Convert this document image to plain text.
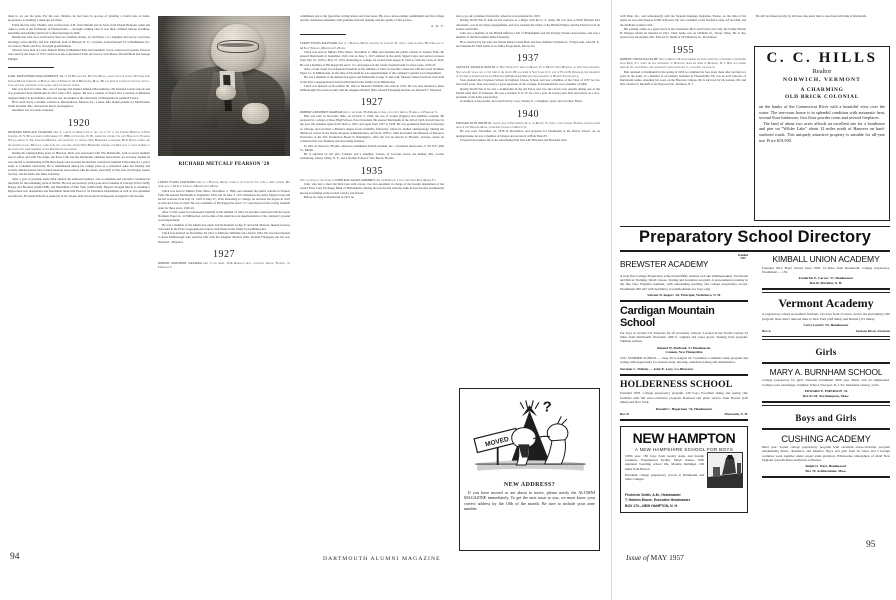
them to act out the parts. For his own children, he had been in process of grinding a 6-inch lens at home, preparatory to building a telescope for them.

Frank met his wife, Thelma, who received her A.B. from Oberlin and an M.A. from Mount Holyoke, when she came to work at the University of Pennsylvania — through a hiking club. It was their common interest in hiking, sketching and painting which led to their marriage in 1940.

Besides his wife, he is survived by their two children, Karen, 12, and Peter, 11; a daughter and son by a previous marriage, Grace Moffat, and Eric Ekstrom, both of Holland, N. Y.; a brother, Louis Ekstrom '12 of Bethlehem, Pa.; two sisters, Helen and Eva; and eight grandchildren.

Services were held at Lewis Funeral Home in Highland Park and interment was in Glenwood Gardens. Flowers were sent by the Class of 1913, which was also represented at the services by Jack Mason, Harold Budd and George Ehinger.

EARL PAPPLEFORD MACANDREWS, 64, of 33 Hancock St., Boston, Mass., associated for nearly 30 years with Jordan Marsh Company of Boston, died on February 22 in Brookline, Mass. He had been in failing health for about a year, but had continued at his work, which he did not relish.

Mac was born in Calais, Me., son of George and Jennie (Jenkins) MacAndrews. He attended Calais schools and was graduated from Dartmouth in 1915 with a B.S. degree. He was a veteran of World War I, serving as Battalion Sergeant Major in the Infantry. After the war, he studied at the University of Montpelier in southern France.

He is survived by a brother, Charles A. MacAndrews, Monroe, Pa.; a sister, Mrs. Ralph (Adelle S.) MacDonald, South Portland, Me.; and several nieces and nephews.

Interment was in Calais Cemetery.

1920

RICHARD METCALF PEARSON died of cancer on March 24 at the age of 57 at the United Hospital in Port Chester, N. Y. He was born on December 17, 1899, in Concord, N. H., where his father, the late Harlan C. Pearson '93 was editor of The Concord Monitor and secretary to several New Hampshire governors. Both Dick's father and his mother, Laura Metcalf, came from old and well known New Hampshire families and Dick had a large number of relatives who were members of the Dartmouth fellowship.

During his undergraduate years in Hanover, Dick was associated with The Dartmouth, both as board member and as editor, and with The Aegis, the Press Club and the Dartmouth Christian Association. As an honor student he was elected to membership in Phi Beta Kappa and awarded the Richard Crawford Campbell Fellowship for a year's study at Columbia University. He is remembered during his college years as a somewhat quiet but friendly and socially minded person who formed pleasant associations with his mates, especially in The Arts, the Dragon Senior Society, and the Delta Tau Delta fraternity.

After a year of graduate study Dick entered the textbook business, and as salesman and executive continued in that field for the remaining years of his life. He was successively with Lyons and Carnahan of Chicago (1921-1928), Harper and Brothers (1928-1948), and Macmillan of New York (1948-1956). Harper's brought him in to establish a high-school text department and Macmillan made him Head of its Education Department as well as vice-president and director. He made himself an authority in his chosen field and received widespread recognition. He became

RICHARD METCALF PEARSON '20

LEROY EVANS MAYNARD died at a Bangor, Maine, hospital on January 31 after a brief illness. His home was at 44 East Terrace, Millinocket, Maine.

Chick was born in Millers Falls, Mass., November 2, 1896, and attended the public schools in Turners Falls. He entered Dartmouth in September 1916, but on June 3, 1917 enlisted in the Army Signal Corps and served overseas from July 10, 1918 to May 27, 1919. Returning to college, he received his degree in 1922 as with the Class of 1920. He was a member of Phi Kappa Psi and C S C and played on the varsity baseball team for three years, 1920-22.

After a brief career in professional baseball in the summer of 1922, he became connected with the Great Northern Paper Co. in Millinocket. At the time of his death he was superintendent of the company's ground wood department.

He was a member of the American Legion and Nollesemic Lodge, F. and A.M. Masonic funeral services were held in the First Congregational Church with burial in the family lot in Millinocket.

Chick was married on November 30, 1921 to Melvena Williams who died in 1952. He was later married to Rena McDonough who survives him with his daughter Barbara (Mrs. Donald Flanagan) and his son, Richard L. Maynard.

1927

ROBERT ADELBERT GRAHAM died at his home, 3516 Kumquat Ave., Coconut Grove, Florida, on February 5.

committees and at the typewriter writing letters and class notes. His was a never-ending commitment and his College and his classmates remember with gratitude both the quantity and the quality of that service.

A. R. F.

LEROY EVANS MAYNARD died at a Bangor, Maine, hospital on January 31 after a brief illness. His home was at 44 East Terrace, Millinocket, Maine.

Chick was born in Millers Falls, Mass., November 2, 1896, and attended the public schools in Turners Falls. He entered Dartmouth in September 1916, but on June 3, 1917 enlisted in the Army Signal Corps and served overseas from July 10, 1918 to May 27, 1919. Returning to college, he received his degree in 1922 as with the Class of 1920. He was a member of Phi Kappa Psi and C S C and played on the varsity baseball team for three years, 1920-22.

After a brief career in professional baseball in the summer of 1922, he became connected with the Great Northern Paper Co. in Millinocket. At the time of his death he was superintendent of the company's ground wood department.

He was a member of the American Legion and Nollesemic Lodge, F. and A.M. Masonic funeral services were held in the First Congregational Church with burial in the family lot in Millinocket.

Chick was married on November 30, 1921 to Melvena Williams who died in 1952. He was later married to Rena McDonough who survives him with his daughter Barbara (Mrs. Donald Flanagan) and his son, Richard L. Maynard.

1927

ROBERT ADELBERT GRAHAM died at his home, 3516 Kumquat Ave., Coconut Grove, Florida, on February 5.

Bob was born in Norwalk, Ohio, on October 5, 1905, the son of Louise (Eggers) and Adelbert Graham. He prepared for college at Shaw High School, East Cleveland. He entered Dartmouth in the fall of 1923, but left later in the year. He attended again from 1924 to 1925, and again from 1927 to 1928. He was graduated from the University of Chicago and received a Master's degree from Columbia University where he studied anthropology. During the thirties he served in the Works Progress Administration, and from 1938 to 1946 he headed the Division of Resource Protection of the War Production Board in Washington. After the war he moved to Phoenix, Arizona, where he conducted his own furniture and decorating business.

In 1951 he moved to Florida, where he established Patrick Graham, Inc., a furniture showroom, at 155 N.E. 40th St., Miami.

He is survived by his wife, Carmen, and a daughter, Larissa, of Coconut Grove; his mother, Mrs. Louise Armstrong, Cherry Valley, N. Y., and a brother, Edward, Vero Beach, Florida.

1935

The sad news of the death of JOHN MACADAM GRIMMEY, 43, on February 1 has come from Ryve Mawr, Pa.

John, who had a short but fatal bout with cancer, was vice-president in charge of the foreign department of the Girard Trust Corn Exchange Bank of Philadelphia. During the last decade with the bank he had become prominently known in banking circles in this country and abroad.

Before he came to Dartmouth in 1931 he

tion to go out to Indiana University, where he was graduated in 1933.

During World War II John served overseas as a Major with the U. S. Army. He was aide to Field Marshal Earl Alexander, was in six major engagements, and was awarded the Order of the British Empire and the French Croix de Guerre with Palm.

John was a member of the British Officers Club of Philadelphia and the Foreign Traders Association, and was a member of the Phi Gamma Delta Fraternity.

He is survived by his wife, the former Rebecca Ann Holt, and four children: Christina A., Evelyn Ann, John M. Jr., and Suzanne H. Their home is on Valley Forge Road, Devon, Pa.

1937

STANLEY ARNOLD ODLUM of New York City died on March 15 in Mount Sinai Hospital of infectious hepatitis. Stan was 41 years old at the time of his death. He was born in Salt Lake City, son of Floyd B. Odlum (later president of the Atlas Corporation) and Hortense (McQuarrie) Odlum (later president of Bonwit Teller, Inc.).

Stan attended the Claymore School in England, Choate School, and was a member of the Class of 1937 for two and a half years. Stan was always a loyal supporter of the College. At Dartmouth he was a member of DKE.

During World War II he was a bombardier in the Air Force and was shot down over Austria during one of the Ploesti raids after 25 missions. He was a German P. O. W. for over a year. In recent years Stan had served as a vice-president of the Atlas Corporation.

In addition to his parents, he is survived by a son, Stanley Jr., a daughter, Lynn, and a brother, Bruce.

1940

EDWARD OLIN SMITH JR. passed away in Providence, R. I., on March 15 after a long illness. Funeral services were held in the Newton, Mass., Cemetery Chapel on March 17.

He was born November 22, 1918 in Providence and prepared for Dartmouth at the Rivers School. As an undergraduate, he was a member of Dragon and secretary of Beta Theta Pi.

Ed spent his business life in the advertising field first with Howland and Howland, then

?
MOVED
NEW ADDRESS?

If you have moved or are about to move, please notify the ALUMNI MAGAZINE immediately. To get the next issue to you, we must know your correct address by the 10th of the month. Be sure to include your zone number.

94	DARTMOUTH ALUMNI MAGAZINE

with Time, Inc., and subsequently with the Spanish language magazine, Fusion. At the time of his death, he was with Stagson Schiff in Boston. He was a member of the Norfolk Lodge, AF and AM, and the Dedham Country Club.

His passing comes as a great shock to his classmates. He is survived by his wife, the former Harriet B. Morgan whom he married in 1941. Their home was on Dedham St., Dover, Mass. He is also survived by his mother, Mrs. Edward O. Smith of 183 Medway St., Providence.

1955

ROBERT CHASE RACKLIFF died on March 10 from injuries received when his automobile overturned near Peru, Vt., while he was returning to Hanover from his home in Madison, N. J. Bob was pinned beneath his convertible, and apparently suffocated due to a blocked air passage.

Bob returned to Dartmouth in the spring of 1956 to complete his four years there after serving two years in the Army as a member of an infantry battalion in Phoenixville. He was an avid follower of Dartmouth teams, attending his years on the Hanover campus. He is survived by his parents, Mr. and Mrs. Charles E. Rackliff of 26 Dogwood Dr., Madison, N. J.

He will be missed greatly by all those who knew him or associated with him at Dartmouth.

C. C. HILLS
Realtor
NORWICH, VERMONT
A CHARMING
OLD BRICK COLONIAL

on the banks of the Connecticut River with a beautiful view over the water. The ten-room house is in splendid condition with automatic heat, second floor bathroom, first floor powder room and several fireplaces.

The land of about two acres affords an excellent site for a boathouse and pier on "Wilder Lake" about 12 miles north of Hanover on hard-surfaced roads. This uniquely attractive property is suitable for all-year use. Price $18,500.

Preparatory School Directory
Founded
1820
BREWSTER ACADEMY
A truly fine College Preparatory school beautifully situated on Lake Winnipesaukee. Vocational and Driver Training. Small classes. Testing and Guidance program. A personalized academy in the fine New England tradition, with outstanding teaching and college preparatory record. Enrollment 200-225 with dormitory accommodations for boys only.
Vincent D. Rogers '26, Principal, Wolfeboro, N. H.
Cardigan Mountain School
For boys in Grades 5-8. Prepares for all secondary schools. Located in the North Country 22 miles from Dartmouth. Elevation 1200 ft. Lighted and water sports. Skating Club program. Summer session.
Roland W. Burbank '21 Headmaster
Canaan, New Hampshire
1957 SUMMER SCHOOL — June 30 to August 24. Combines a summer camp program and setting with opportunity for serious study, tutoring, remedial reading and mathematics.
Norman C. Wakely — John E. Lacy, Co-Directors
HOLDERNESS SCHOOL
Founded 1879. College preparatory program. 120 boys. Excellent skiing and outing club facilities with full extra-curricular program. Railroad and plane service from Boston (120 miles) and New York.
Donald C. Hagerman '35, Headmaster
Box D	Plymouth, N. H.
NEW HAMPTON
A NEW HAMPSHIRE SCHOOL FOR BOYS
138th year. 182 boys from twenty states and foreign countries. Experienced faculty. Small classes. Well regulated boarding school life. Modern buildings. 100 miles from Boston.
Excellent college preparatory record at Dartmouth and other colleges.
Frederick Smith, A.M., Headmaster
T. Holmes Moore, Executive Headmaster
BOX 170—NEW HAMPTON, N. H.
KIMBALL UNION ACADEMY
Founded 1813. Boys' School since 1936. 14 miles from Dartmouth. College preparatory. Enrollment — 150.
Frederick E. Carver '27, Headmaster
Box B, Meriden, N. H.
Vermont Academy
A preparatory school in southern Vermont. 125 boys from 15 states. Active ski and Outing Club program. Near direct railroad lines to New York (228 miles) and Boston (115 miles).
Larry Leavitt '25, Headmaster
Box A	Saxtons River, Vermont
Girls
MARY A. BURNHAM SCHOOL
College preparatory for girls. National enrollment. 80th year. Music and art emphasized. College town advantages. Summer School, Newport, R. I. For illustrated catalog, write:
EDWARD E. EMERSON '16
Box 61-M, Northampton, Mass.
Boys and Girls
CUSHING ACADEMY
82nd year. Sound college preparatory program with excellent extra-curricular program emphasizing music, dramatics, and athletics. Boys and girls from 22 states and 5 foreign countries work together under expert adult guidance. Wholesome atmosphere of small New England town 60 miles northwest of Boston.
Ralph O. West, Headmaster
Box 70, Ashburnham, Mass.
Issue of MAY 1957
95
